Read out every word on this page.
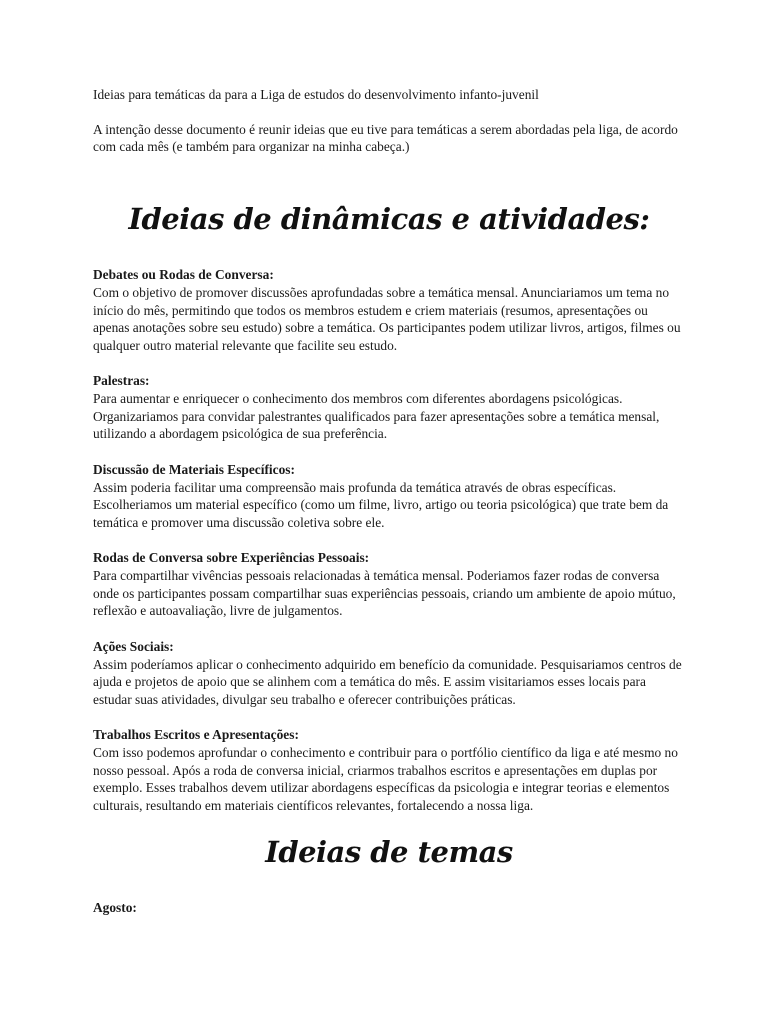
Ideias para temáticas da para a Liga de estudos do desenvolvimento infanto-juvenil

A intenção desse documento é reunir ideias que eu tive para temáticas a serem abordadas pela liga, de acordo com cada mês (e também para organizar na minha cabeça.)

Ideias de dinâmicas e atividades:

Debates ou Rodas de Conversa:

Com o objetivo de promover discussões aprofundadas sobre a temática mensal. Anunciariamos um tema no início do mês, permitindo que todos os membros estudem e criem materiais (resumos, apresentações ou apenas anotações sobre seu estudo) sobre a temática. Os participantes podem utilizar livros, artigos, filmes ou qualquer outro material relevante que facilite seu estudo.

Palestras:

Para aumentar e enriquecer o conhecimento dos membros com diferentes abordagens psicológicas. Organizariamos para convidar palestrantes qualificados para fazer apresentações sobre a temática mensal, utilizando a abordagem psicológica de sua preferência.

Discussão de Materiais Específicos:

Assim poderia facilitar uma compreensão mais profunda da temática através de obras específicas. Escolheriamos um material específico (como um filme, livro, artigo ou teoria psicológica) que trate bem da temática e promover uma discussão coletiva sobre ele.

Rodas de Conversa sobre Experiências Pessoais:

Para compartilhar vivências pessoais relacionadas à temática mensal. Poderiamos fazer rodas de conversa onde os participantes possam compartilhar suas experiências pessoais, criando um ambiente de apoio mútuo, reflexão e autoavaliação, livre de julgamentos.

Ações Sociais:

Assim poderíamos aplicar o conhecimento adquirido em benefício da comunidade. Pesquisariamos centros de ajuda e projetos de apoio que se alinhem com a temática do mês. E assim visitariamos esses locais para estudar suas atividades, divulgar seu trabalho e oferecer contribuições práticas.

Trabalhos Escritos e Apresentações:

Com isso podemos aprofundar o conhecimento e contribuir para o portfólio científico da liga e até mesmo no nosso pessoal. Após a roda de conversa inicial, criarmos trabalhos escritos e apresentações em duplas por exemplo. Esses trabalhos devem utilizar abordagens específicas da psicologia e integrar teorias e elementos culturais, resultando em materiais científicos relevantes, fortalecendo a nossa liga.

Ideias de temas

Agosto:
